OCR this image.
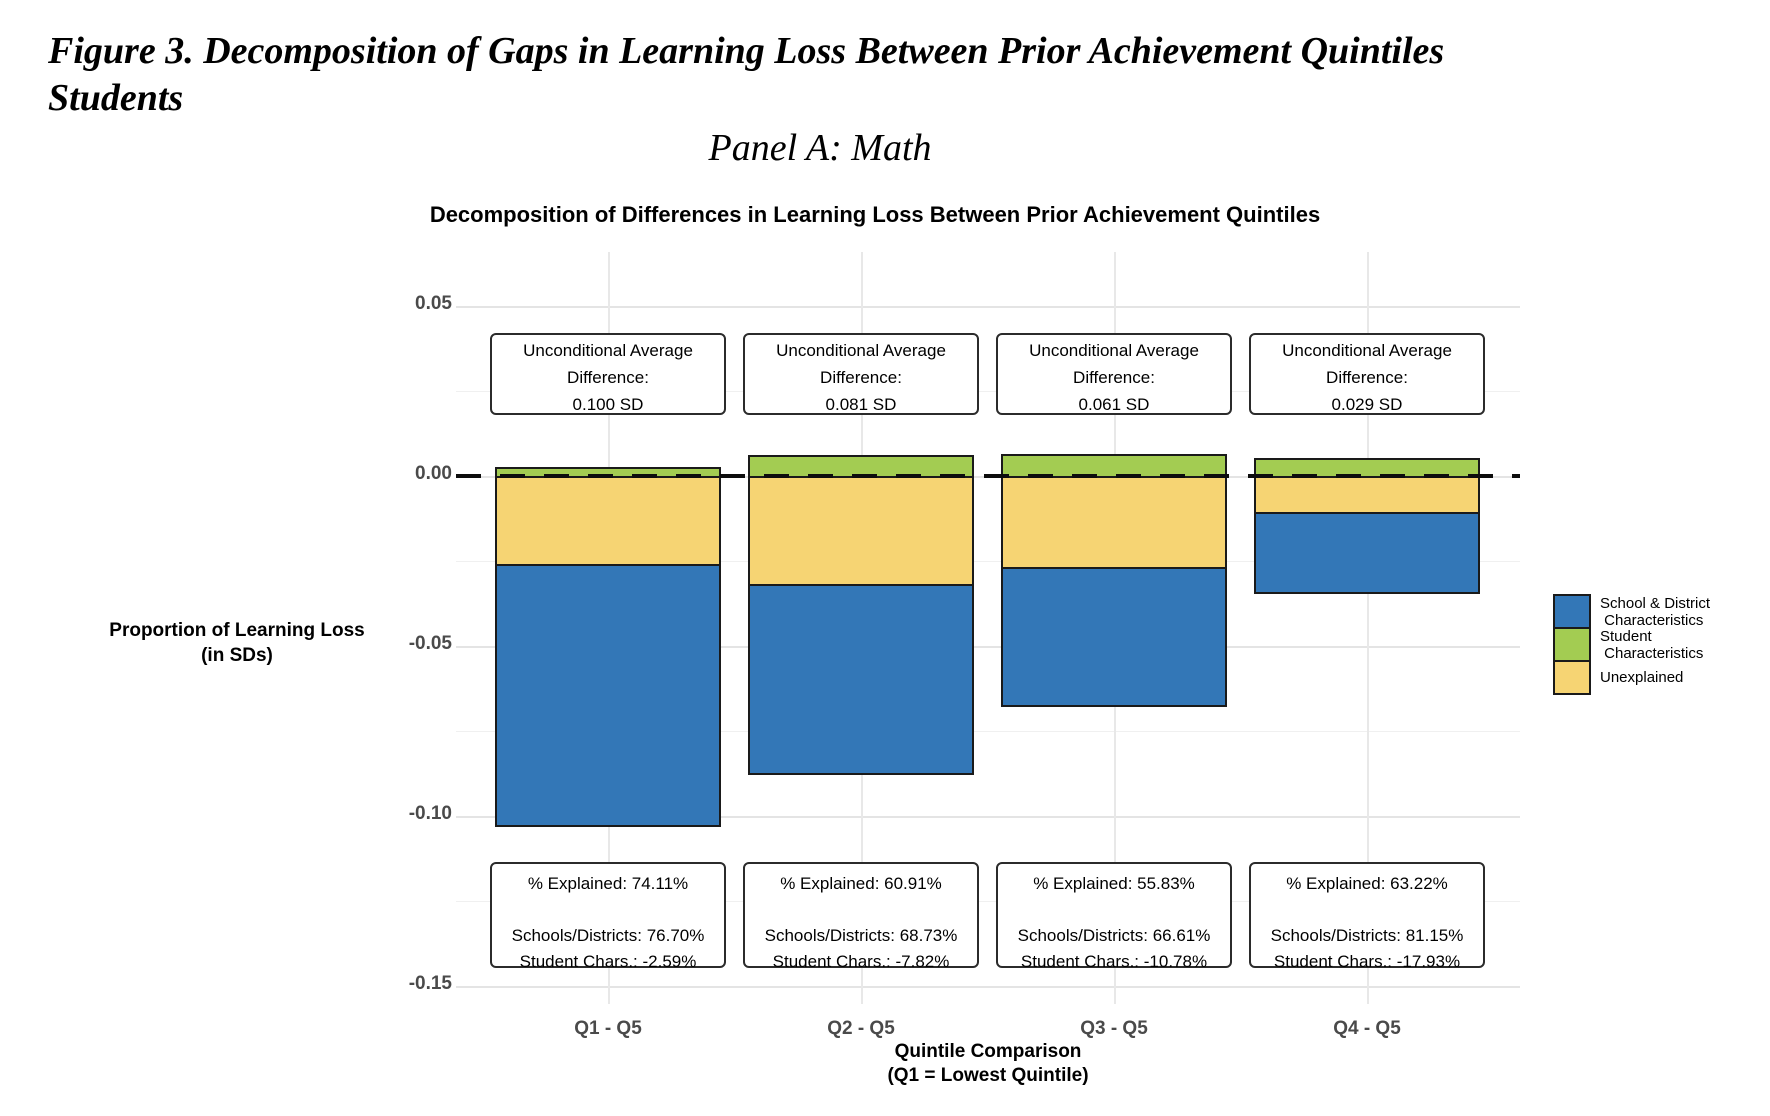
Figure 3. Decomposition of Gaps in Learning Loss Between Prior Achievement Quintiles
Students
Panel A: Math
Decomposition of Differences in Learning Loss Between Prior Achievement Quintiles
Proportion of Learning Loss
(in SDs)
0.05
0.00
-0.05
-0.10
-0.15
Unconditional Average
Difference:
0.100 SD
Unconditional Average
Difference:
0.081 SD
Unconditional Average
Difference:
0.061 SD
Unconditional Average
Difference:
0.029 SD
% Explained: 74.11%
Schools/Districts: 76.70%
Student Chars.: -2.59%
% Explained: 60.91%
Schools/Districts: 68.73%
Student Chars.: -7.82%
% Explained: 55.83%
Schools/Districts: 66.61%
Student Chars.: -10.78%
% Explained: 63.22%
Schools/Districts: 81.15%
Student Chars.: -17.93%
Q1 - Q5	Q2 - Q5	Q3 - Q5	Q4 - Q5
Quintile Comparison
(Q1 = Lowest Quintile)
School & District
Characteristics
Student
Characteristics
Unexplained
